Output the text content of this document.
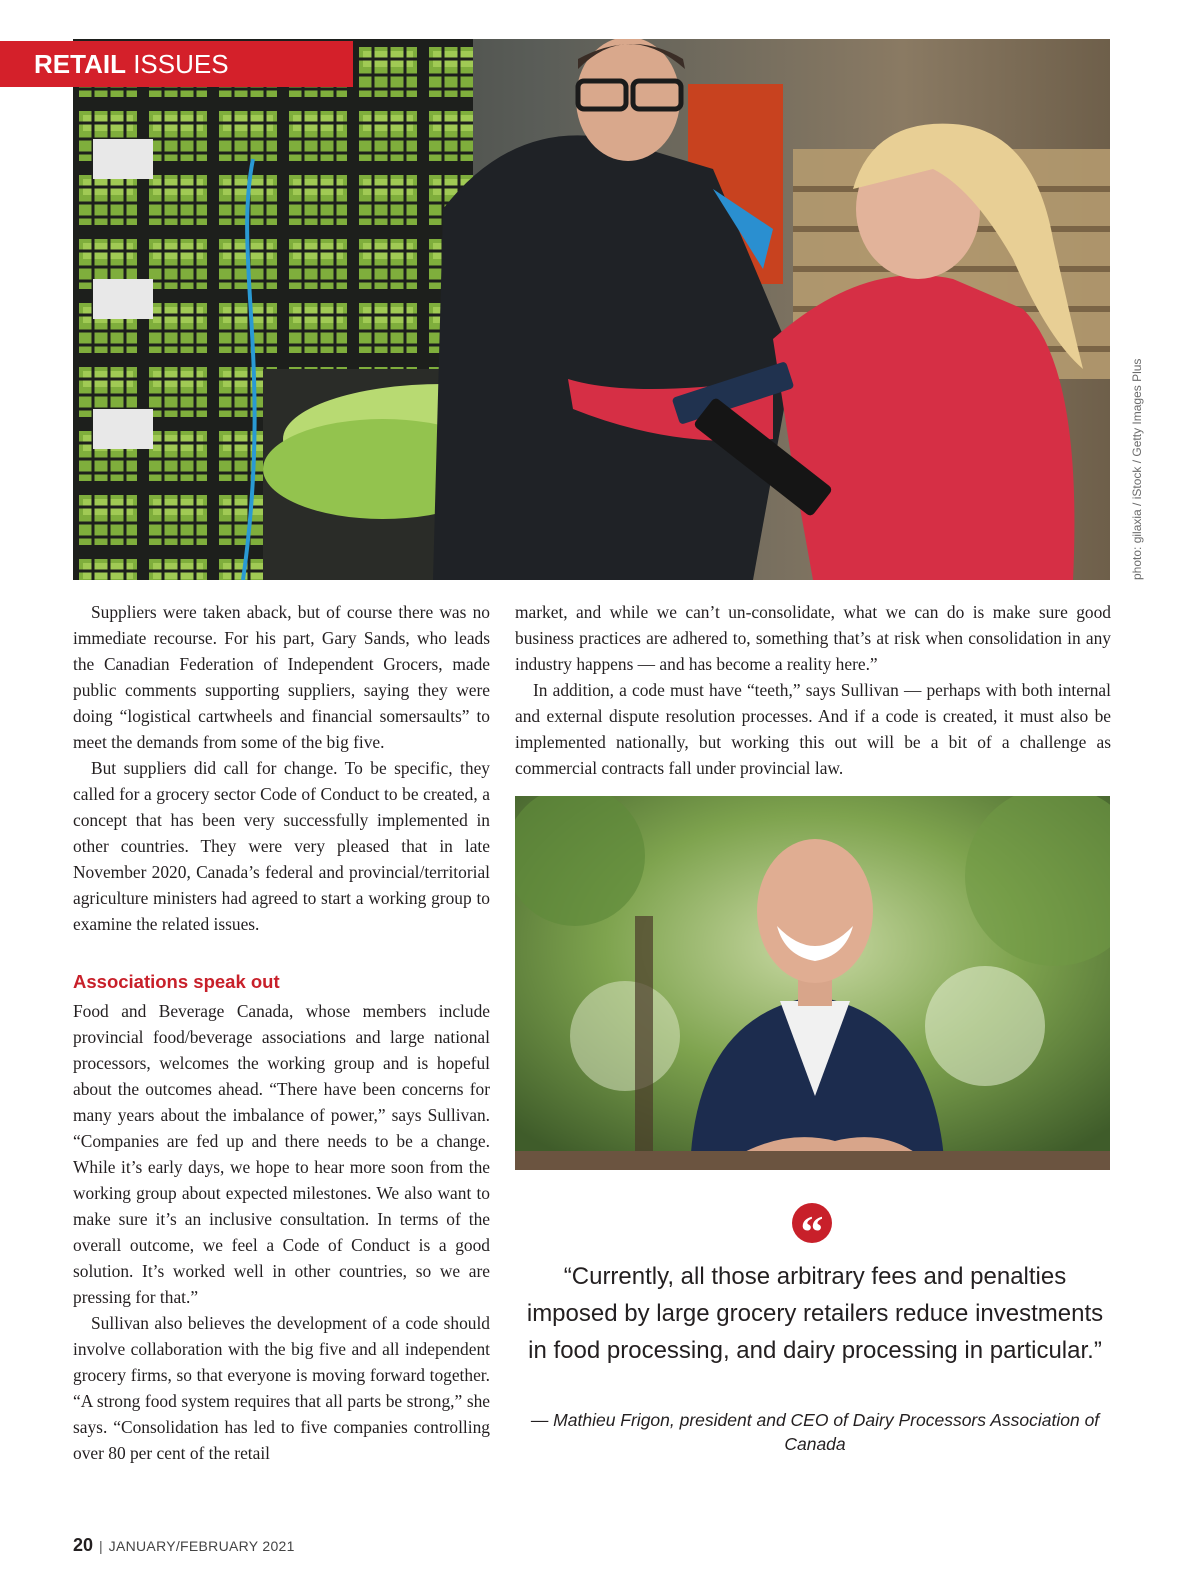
RETAIL ISSUES
photo: gilaxia / iStock / Getty Images Plus

Suppliers were taken aback, but of course there was no immediate recourse. For his part, Gary Sands, who leads the Canadian Federation of Independent Grocers, made public comments supporting suppliers, saying they were doing “logistical cartwheels and financial somersaults” to meet the demands from some of the big five.

But suppliers did call for change. To be specific, they called for a grocery sector Code of Conduct to be created, a concept that has been very successfully implemented in other countries. They were very pleased that in late November 2020, Canada’s federal and provincial/territorial agriculture ministers had agreed to start a working group to examine the related issues.

Associations speak out

Food and Beverage Canada, whose members include provincial food/beverage associations and large national processors, welcomes the working group and is hopeful about the outcomes ahead. “There have been concerns for many years about the imbalance of power,” says Sullivan. “Companies are fed up and there needs to be a change. While it’s early days, we hope to hear more soon from the working group about expected milestones. We also want to make sure it’s an inclusive consultation. In terms of the overall outcome, we feel a Code of Conduct is a good solution. It’s worked well in other countries, so we are pressing for that.”

Sullivan also believes the development of a code should involve collaboration with the big five and all independent grocery firms, so that everyone is moving forward together. “A strong food system requires that all parts be strong,” she says. “Consolidation has led to five companies controlling over 80 per cent of the retail

market, and while we can’t un-consolidate, what we can do is make sure good business practices are adhered to, something that’s at risk when consolidation in any industry happens — and has become a reality here.”

In addition, a code must have “teeth,” says Sullivan — perhaps with both internal and external dispute resolution processes. And if a code is created, it must also be implemented nationally, but working this out will be a bit of a challenge as commercial contracts fall under provincial law.

“

“Currently, all those arbitrary fees and penalties imposed by large grocery retailers reduce investments in food processing, and dairy processing in particular.”

— Mathieu Frigon, president and CEO of Dairy Processors Association of Canada
20 | JANUARY/FEBRUARY 2021
